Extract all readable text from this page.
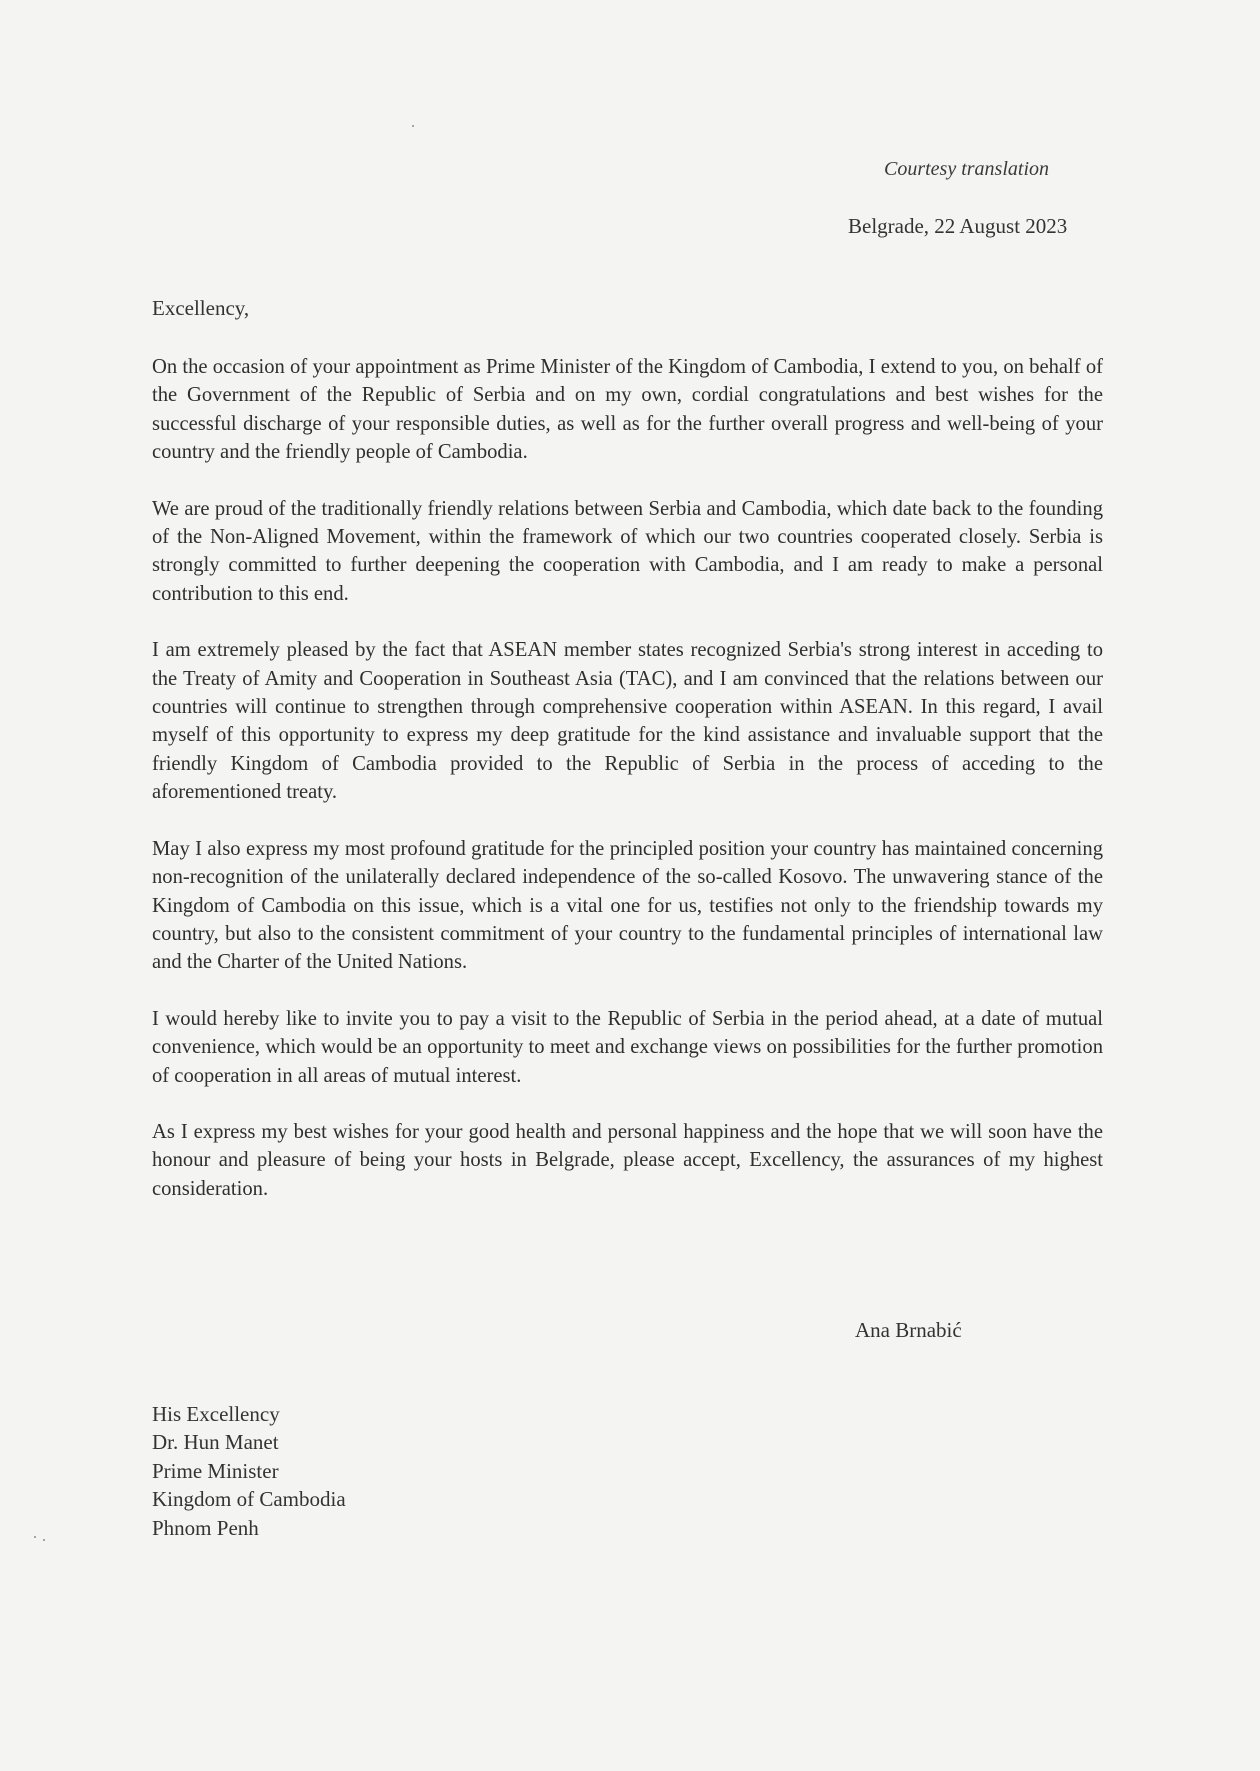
Courtesy translation
Belgrade, 22 August 2023
Excellency,

On the occasion of your appointment as Prime Minister of the Kingdom of Cambodia, I extend to you, on behalf of the Government of the Republic of Serbia and on my own, cordial congratulations and best wishes for the successful discharge of your responsible duties, as well as for the further overall progress and well-being of your country and the friendly people of Cambodia.

We are proud of the traditionally friendly relations between Serbia and Cambodia, which date back to the founding of the Non-Aligned Movement, within the framework of which our two countries cooperated closely. Serbia is strongly committed to further deepening the cooperation with Cambodia, and I am ready to make a personal contribution to this end.

I am extremely pleased by the fact that ASEAN member states recognized Serbia's strong interest in acceding to the Treaty of Amity and Cooperation in Southeast Asia (TAC), and I am convinced that the relations between our countries will continue to strengthen through comprehensive cooperation within ASEAN. In this regard, I avail myself of this opportunity to express my deep gratitude for the kind assistance and invaluable support that the friendly Kingdom of Cambodia provided to the Republic of Serbia in the process of acceding to the aforementioned treaty.

May I also express my most profound gratitude for the principled position your country has maintained concerning non-recognition of the unilaterally declared independence of the so-called Kosovo. The unwavering stance of the Kingdom of Cambodia on this issue, which is a vital one for us, testifies not only to the friendship towards my country, but also to the consistent commitment of your country to the fundamental principles of international law and the Charter of the United Nations.

I would hereby like to invite you to pay a visit to the Republic of Serbia in the period ahead, at a date of mutual convenience, which would be an opportunity to meet and exchange views on possibilities for the further promotion of cooperation in all areas of mutual interest.

As I express my best wishes for your good health and personal happiness and the hope that we will soon have the honour and pleasure of being your hosts in Belgrade, please accept, Excellency, the assurances of my highest consideration.

Ana Brnabić
His Excellency
Dr. Hun Manet
Prime Minister
Kingdom of Cambodia
Phnom Penh
